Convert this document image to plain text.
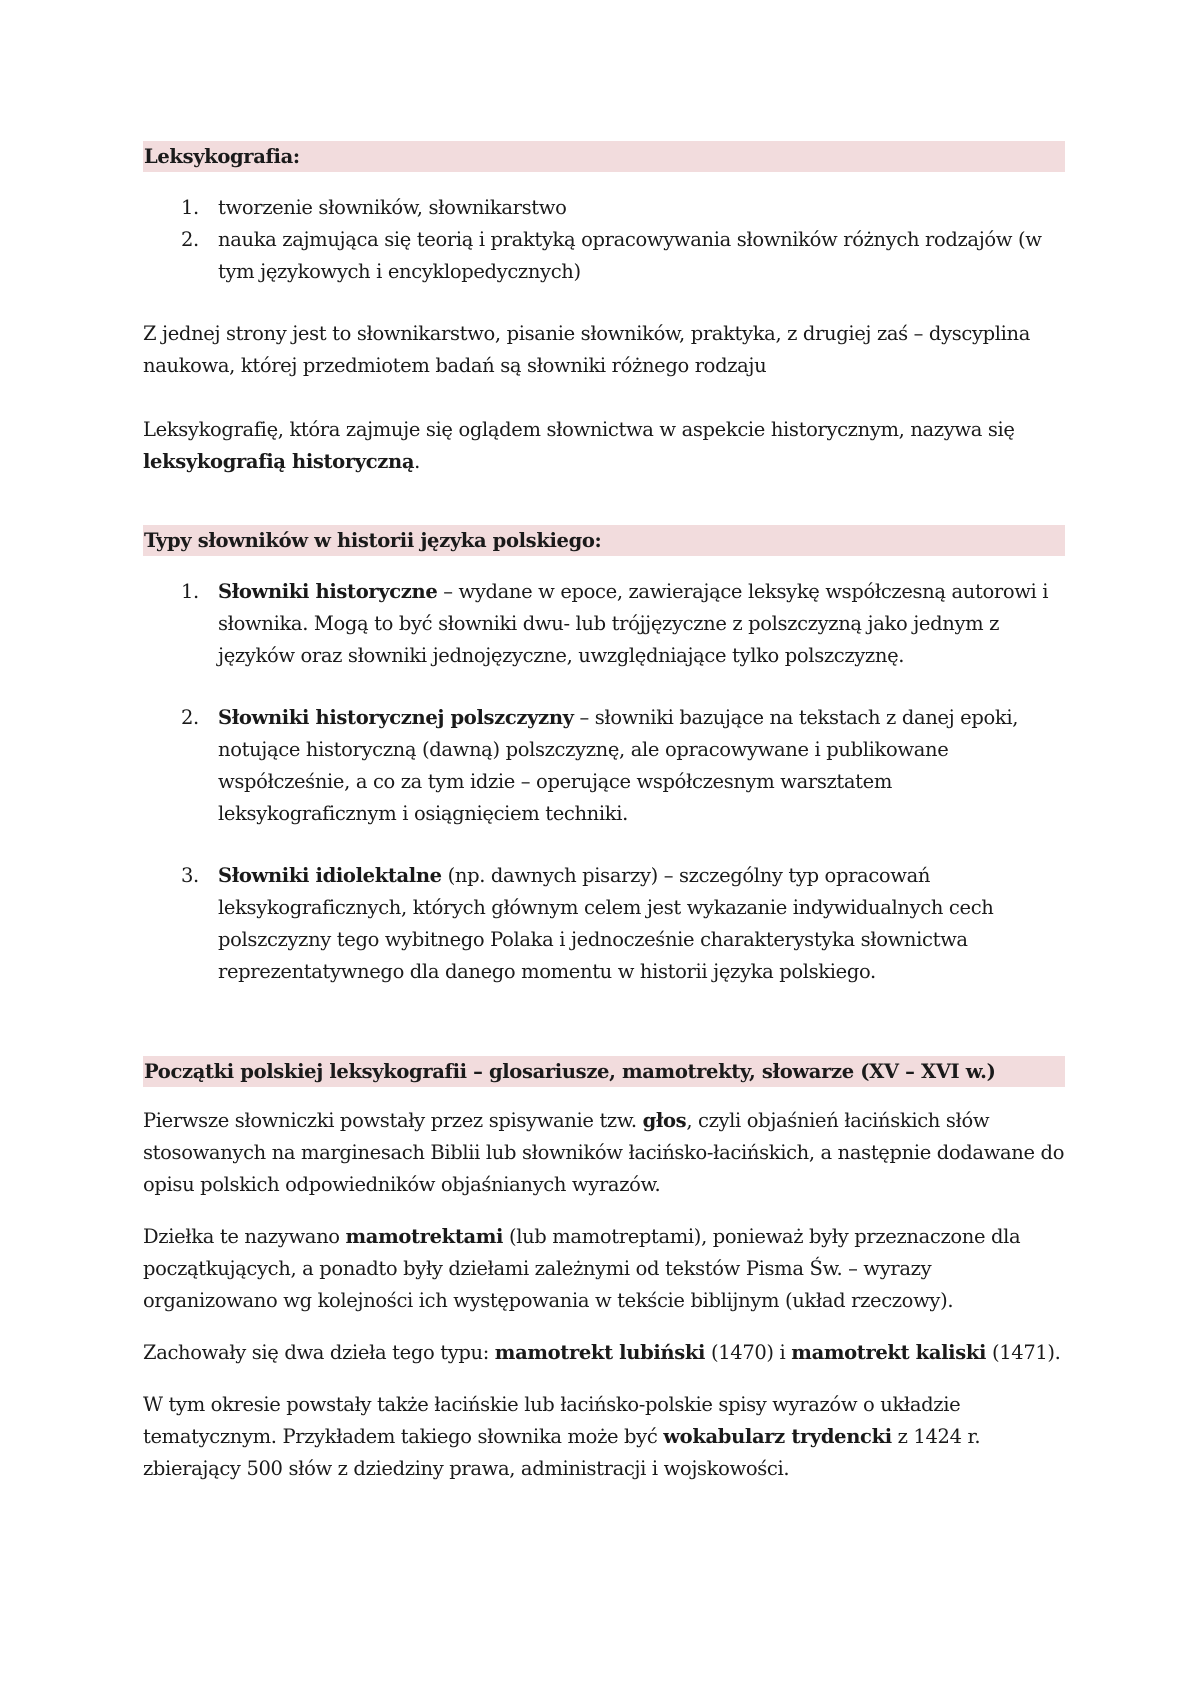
Leksykografia:
1. tworzenie słowników, słownikarstwo
2. nauka zajmująca się teorią i praktyką opracowywania słowników różnych rodzajów (w tym językowych i encyklopedycznych)

Z jednej strony jest to słownikarstwo, pisanie słowników, praktyka, z drugiej zaś – dyscyplina naukowa, której przedmiotem badań są słowniki różnego rodzaju

Leksykografię, która zajmuje się oglądem słownictwa w aspekcie historycznym, nazywa się leksykografią historyczną.

Typy słowników w historii języka polskiego:
1. Słowniki historyczne – wydane w epoce, zawierające leksykę współczesną autorowi i słownika. Mogą to być słowniki dwu- lub trójjęzyczne z polszczyzną jako jednym z języków oraz słowniki jednojęzyczne, uwzględniające tylko polszczyznę.
2. Słowniki historycznej polszczyzny – słowniki bazujące na tekstach z danej epoki, notujące historyczną (dawną) polszczyznę, ale opracowywane i publikowane współcześnie, a co za tym idzie – operujące współczesnym warsztatem leksykograficznym i osiągnięciem techniki.
3. Słowniki idiolektalne (np. dawnych pisarzy) – szczególny typ opracowań leksykograficznych, których głównym celem jest wykazanie indywidualnych cech polszczyzny tego wybitnego Polaka i jednocześnie charakterystyka słownictwa reprezentatywnego dla danego momentu w historii języka polskiego.
Początki polskiej leksykografii – glosariusze, mamotrekty, słowarze (XV – XVI w.)

Pierwsze słowniczki powstały przez spisywanie tzw. głos, czyli objaśnień łacińskich słów stosowanych na marginesach Biblii lub słowników łacińsko-łacińskich, a następnie dodawane do opisu polskich odpowiedników objaśnianych wyrazów.

Dziełka te nazywano mamotrektami (lub mamotreptami), ponieważ były przeznaczone dla początkujących, a ponadto były dziełami zależnymi od tekstów Pisma Św. – wyrazy organizowano wg kolejności ich występowania w tekście biblijnym (układ rzeczowy).

Zachowały się dwa dzieła tego typu: mamotrekt lubiński (1470) i mamotrekt kaliski (1471).

W tym okresie powstały także łacińskie lub łacińsko-polskie spisy wyrazów o układzie tematycznym. Przykładem takiego słownika może być wokabularz trydencki z 1424 r. zbierający 500 słów z dziedziny prawa, administracji i wojskowości.
